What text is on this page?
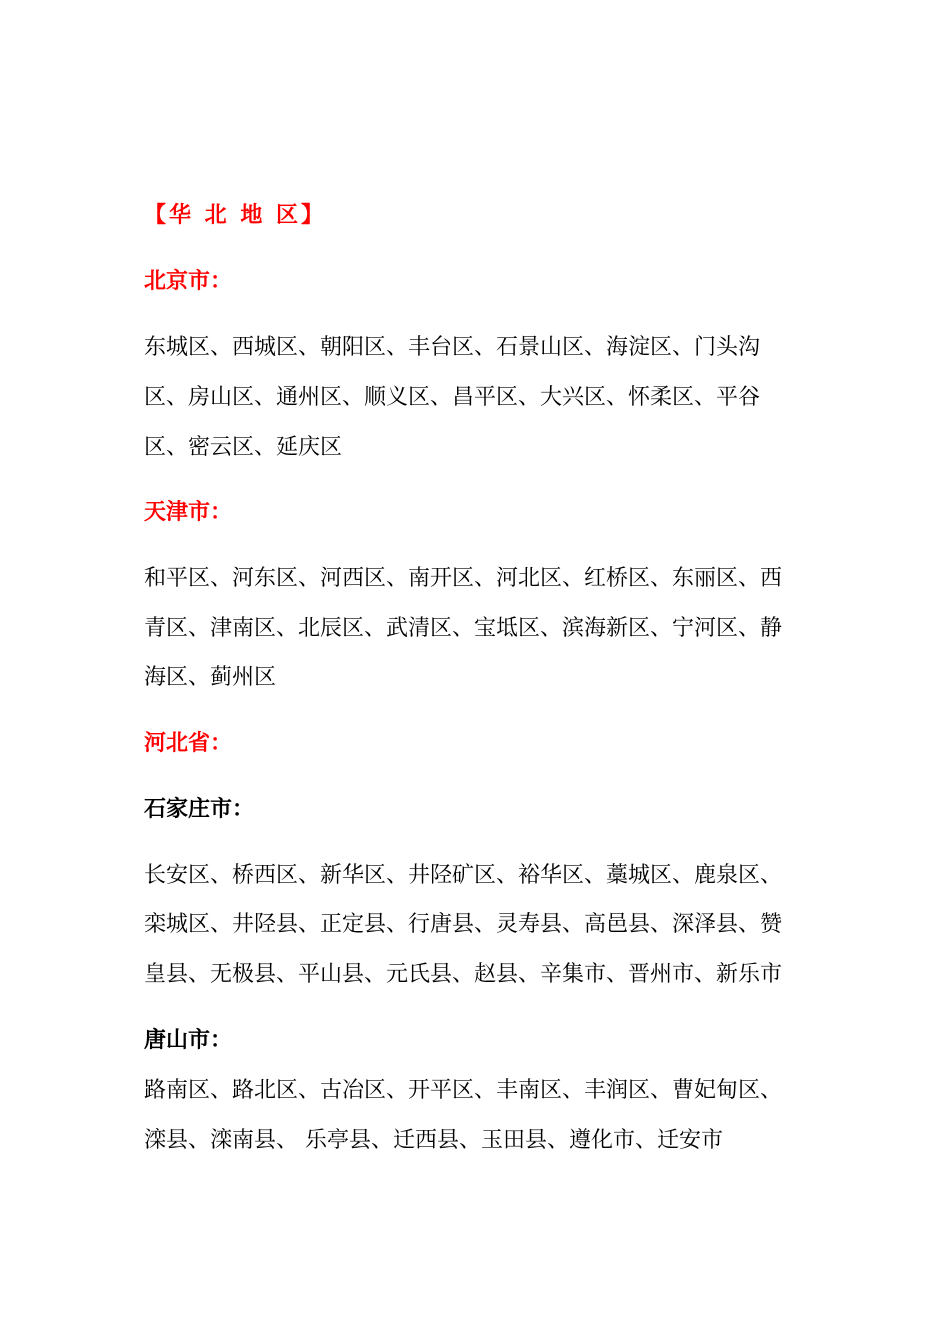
【华 北 地 区】
北京市：
东城区、西城区、朝阳区、丰台区、石景山区、海淀区、门头沟
区、房山区、通州区、顺义区、昌平区、大兴区、怀柔区、平谷
区、密云区、延庆区
天津市：
和平区、河东区、河西区、南开区、河北区、红桥区、东丽区、西
青区、津南区、北辰区、武清区、宝坻区、滨海新区、宁河区、静
海区、蓟州区
河北省：
石家庄市：
长安区、桥西区、新华区、井陉矿区、裕华区、藁城区、鹿泉区、
栾城区、井陉县、正定县、行唐县、灵寿县、高邑县、深泽县、赞
皇县、无极县、平山县、元氏县、赵县、辛集市、晋州市、新乐市
唐山市：
路南区、路北区、古冶区、开平区、丰南区、丰润区、曹妃甸区、
滦县、滦南县、 乐亭县、迁西县、玉田县、遵化市、迁安市
